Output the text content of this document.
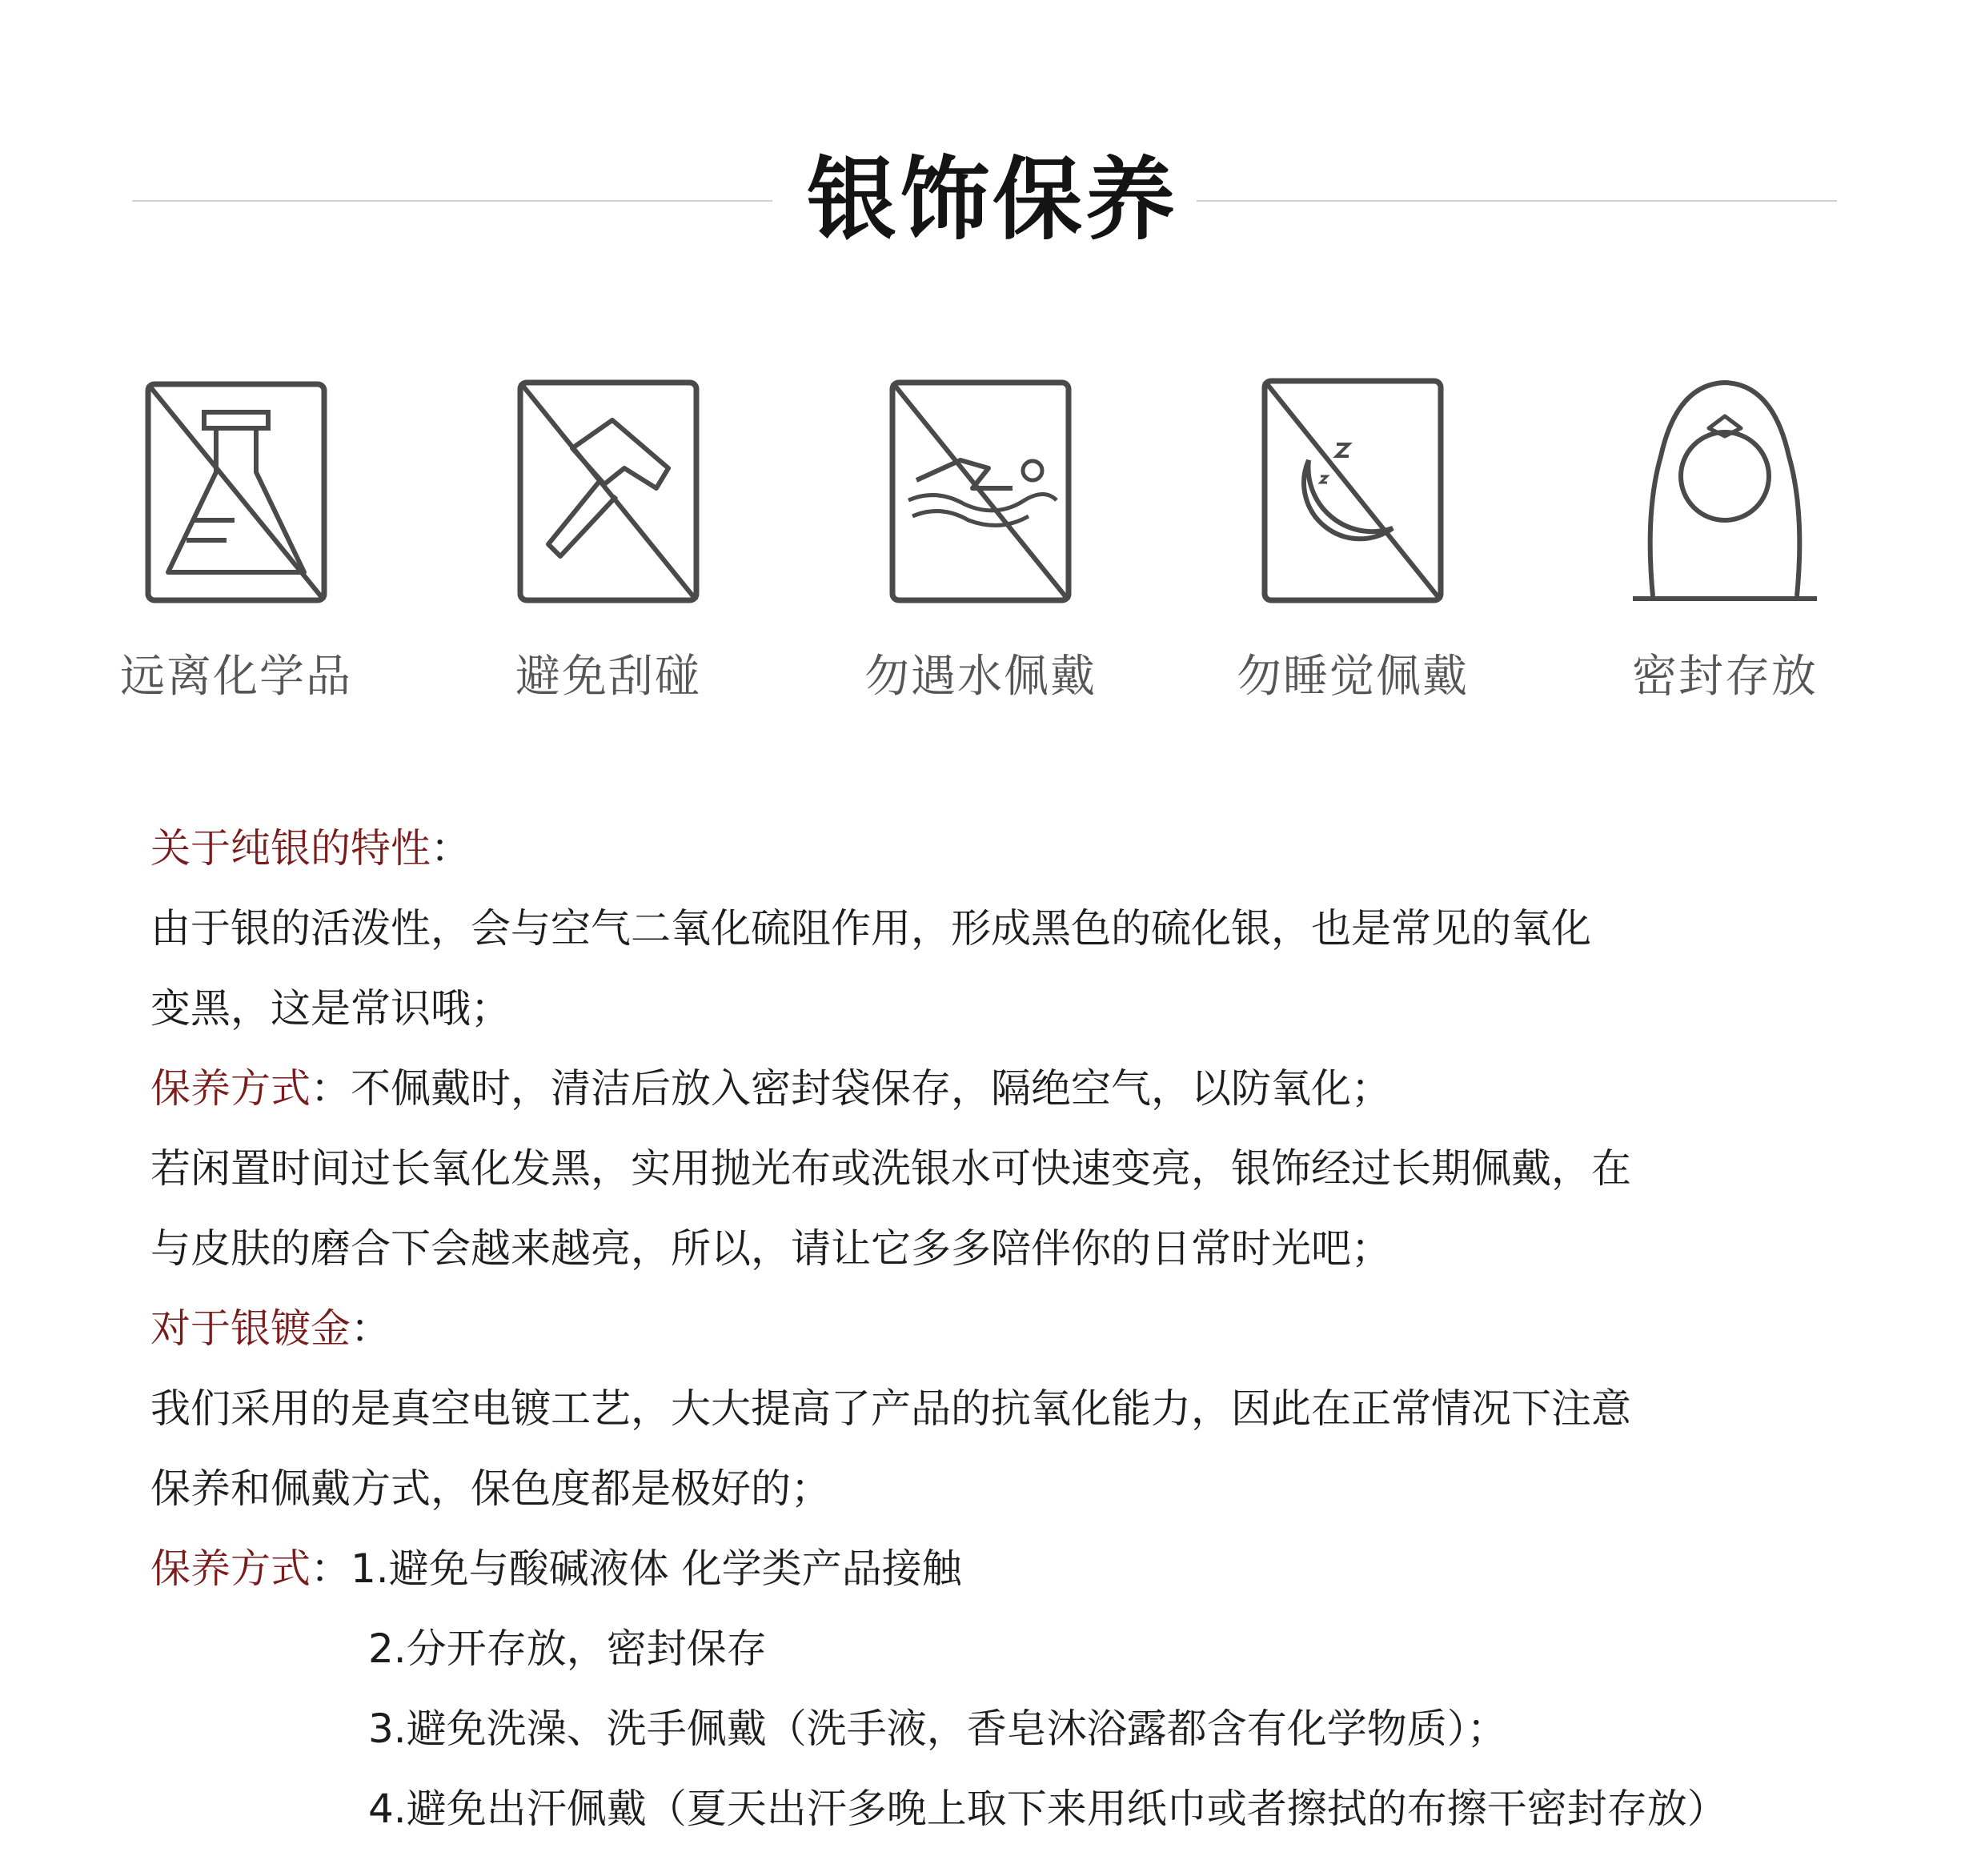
银饰保养
远离化学品	避免刮碰	勿遇水佩戴	勿睡觉佩戴	密封存放
关于纯银的特性：
由于银的活泼性，会与空气二氧化硫阻作用，形成黑色的硫化银，也是常见的氧化
变黑，这是常识哦；
保养方式：不佩戴时，清洁后放入密封袋保存，隔绝空气，以防氧化；
若闲置时间过长氧化发黑，实用抛光布或洗银水可快速变亮，银饰经过长期佩戴，在
与皮肤的磨合下会越来越亮，所以，请让它多多陪伴你的日常时光吧；
对于银镀金：
我们采用的是真空电镀工艺，大大提高了产品的抗氧化能力，因此在正常情况下注意
保养和佩戴方式，保色度都是极好的；
保养方式：1.避免与酸碱液体 化学类产品接触
2.分开存放，密封保存
3.避免洗澡、洗手佩戴（洗手液，香皂沐浴露都含有化学物质）；
4.避免出汗佩戴（夏天出汗多晚上取下来用纸巾或者擦拭的布擦干密封存放）
